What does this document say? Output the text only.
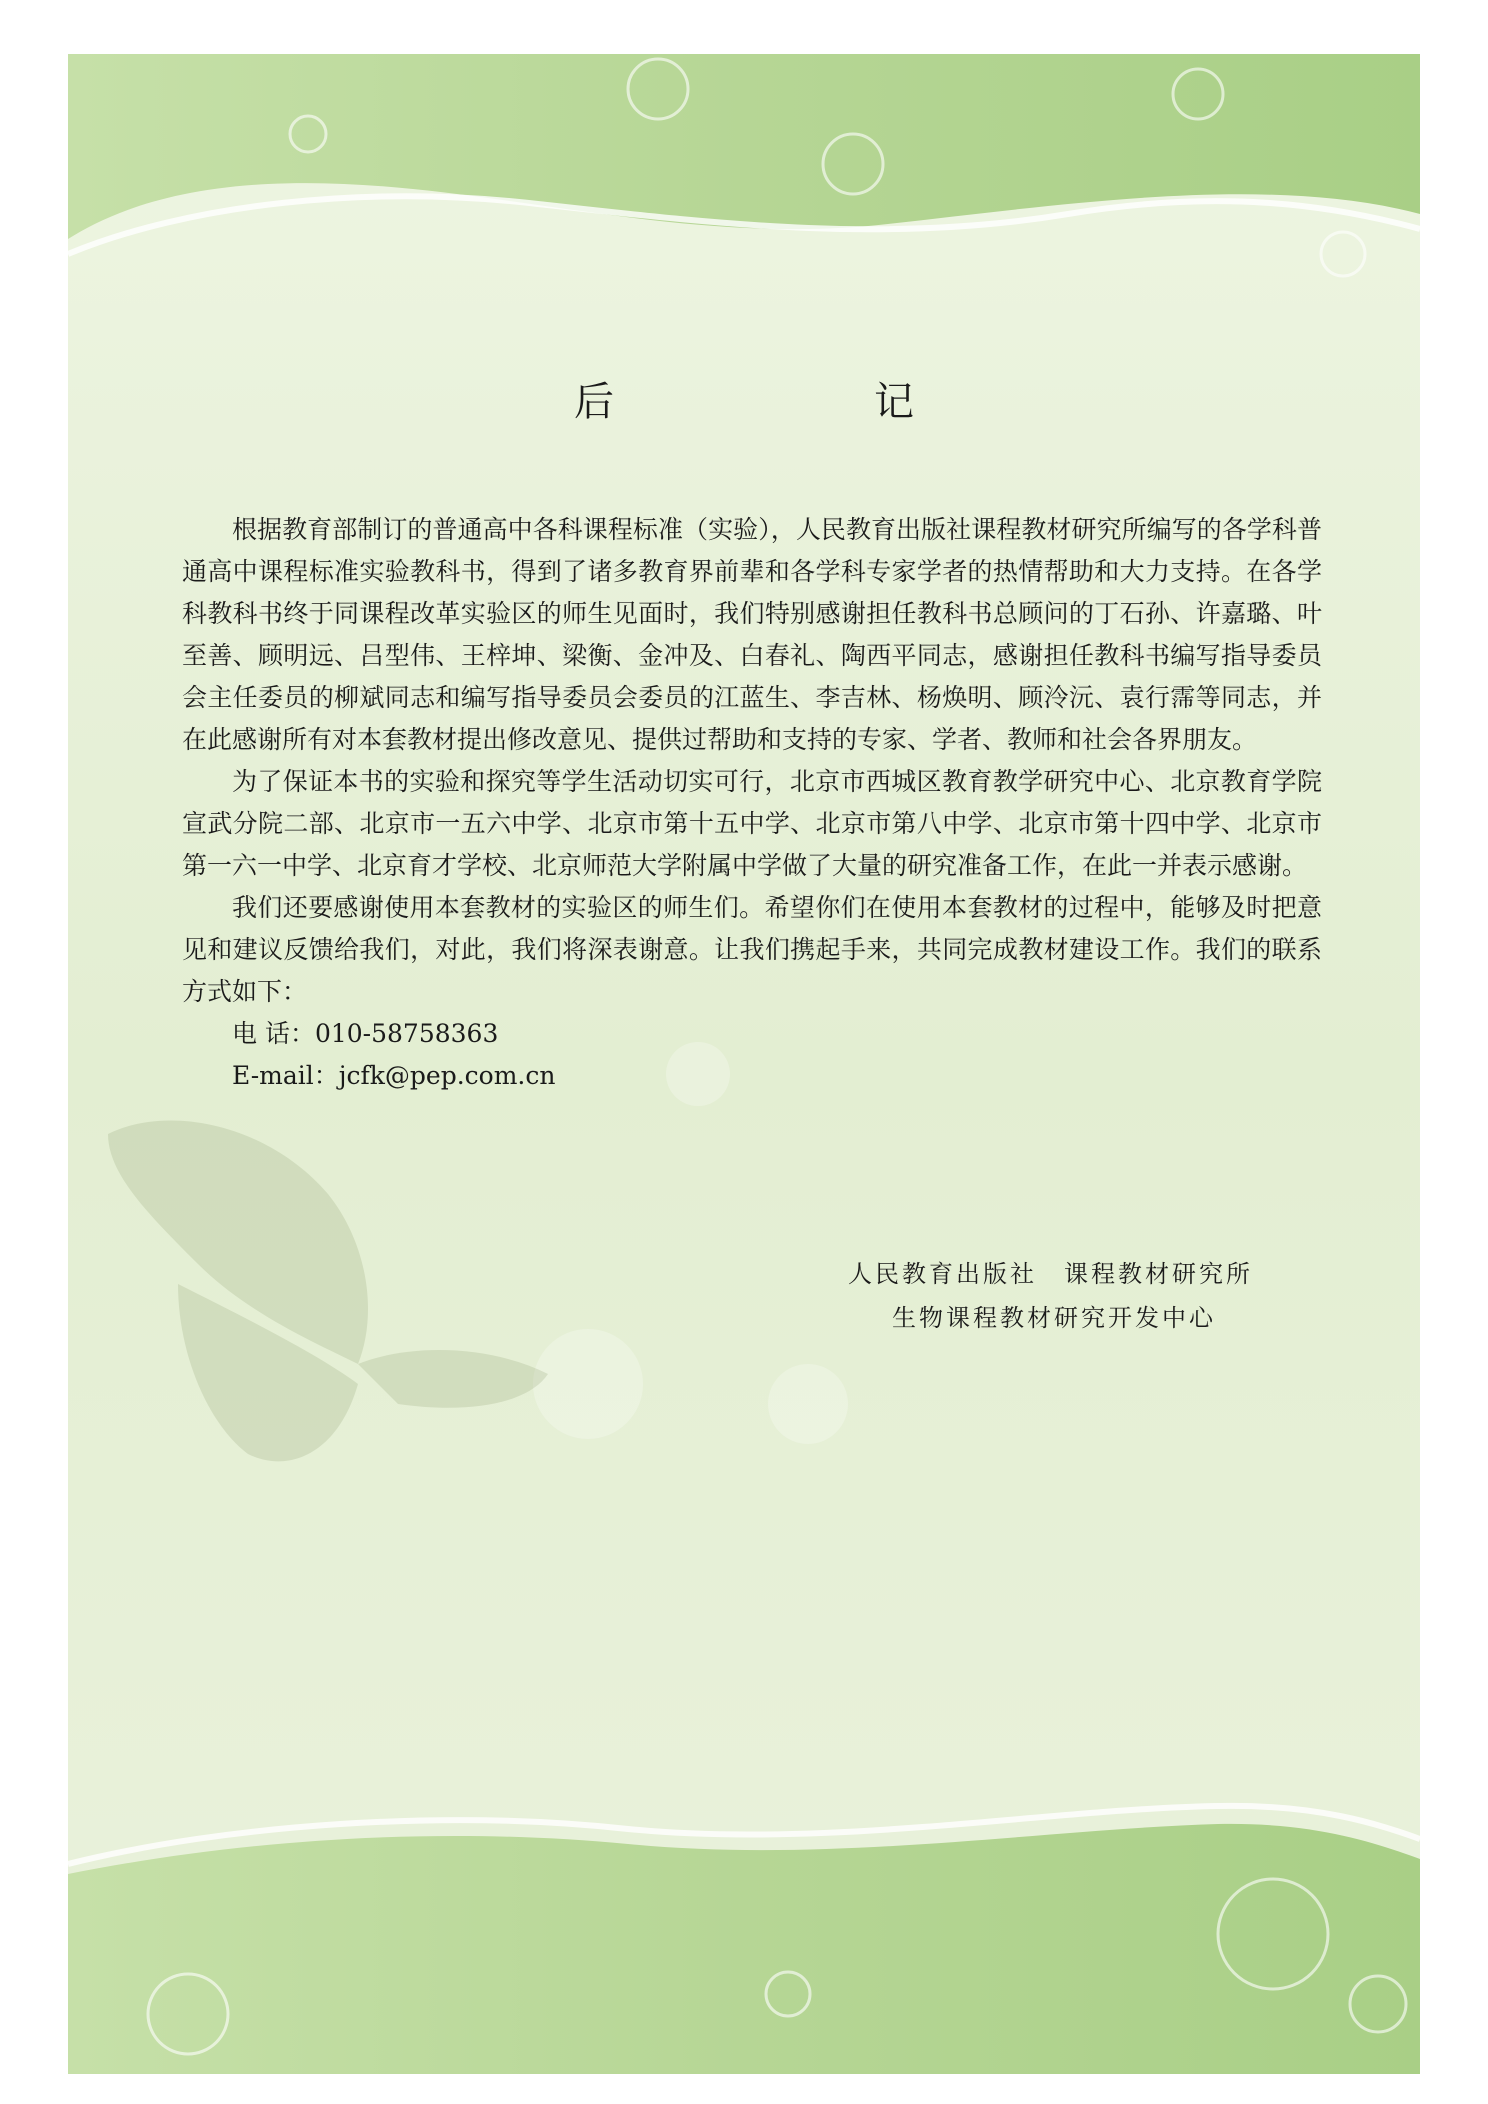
后　　记

根据教育部制订的普通高中各科课程标准（实验），人民教育出版社课程教材研究所编写的各学科普通高中课程标准实验教科书，得到了诸多教育界前辈和各学科专家学者的热情帮助和大力支持。在各学科教科书终于同课程改革实验区的师生见面时，我们特别感谢担任教科书总顾问的丁石孙、许嘉璐、叶至善、顾明远、吕型伟、王梓坤、梁衡、金冲及、白春礼、陶西平同志，感谢担任教科书编写指导委员会主任委员的柳斌同志和编写指导委员会委员的江蓝生、李吉林、杨焕明、顾泠沅、袁行霈等同志，并在此感谢所有对本套教材提出修改意见、提供过帮助和支持的专家、学者、教师和社会各界朋友。

为了保证本书的实验和探究等学生活动切实可行，北京市西城区教育教学研究中心、北京教育学院宣武分院二部、北京市一五六中学、北京市第十五中学、北京市第八中学、北京市第十四中学、北京市第一六一中学、北京育才学校、北京师范大学附属中学做了大量的研究准备工作，在此一并表示感谢。

我们还要感谢使用本套教材的实验区的师生们。希望你们在使用本套教材的过程中，能够及时把意见和建议反馈给我们，对此，我们将深表谢意。让我们携起手来，共同完成教材建设工作。我们的联系方式如下：

电 话：010-58758363

E-mail：jcfk@pep.com.cn

人民教育出版社　课程教材研究所
生物课程教材研究开发中心
